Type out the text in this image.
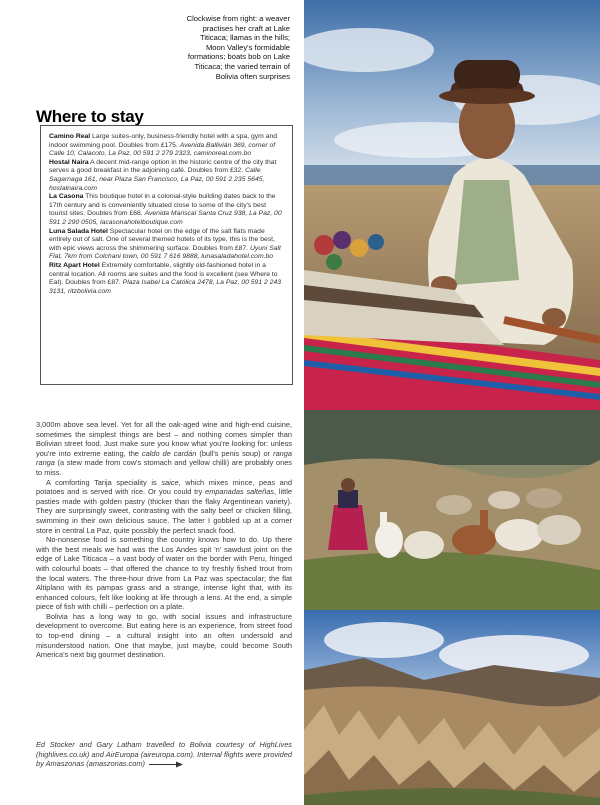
Clockwise from right: a weaver
practises her craft at Lake
Titicaca; llamas in the hills;
Moon Valley's formidable
formations; boats bob on Lake
Titicaca; the varied terrain of
Bolivia often surprises
Where to stay

Camino Real Large suites-only, business-friendly hotel with a spa, gym and indoor swimming pool. Doubles from £175. Avenida Ballivián 369, corner of Calle 10, Calacoto, La Paz, 00 591 2 279 2323, caminoreal.com.bo

Hostal Naira A decent mid-range option in the historic centre of the city that serves a good breakfast in the adjoining café. Doubles from £32. Calle Sagarnaga 161, near Plaza San Francisco, La Paz, 00 591 2 235 5645, hostalnaira.com

La Casona This boutique hotel in a colonial-style building dates back to the 17th century and is conveniently situated close to some of the city's best tourist sites. Doubles from £68. Avenida Mariscal Santa Cruz 938, La Paz, 00 591 2 290 0505, lacasonahotelboutique.com

Luna Salada Hotel Spectacular hotel on the edge of the salt flats made entirely out of salt. One of several themed hotels of its type, this is the best, with epic views across the shimmering surface. Doubles from £87. Uyuni Salt Flat, 7km from Colchani town, 00 591 7 616 9888, lunasaladahotel.com.bo

Ritz Apart Hotel Extremely comfortable, slightly old-fashioned hotel in a central location. All rooms are suites and the food is excellent (see Where to Eat). Doubles from £87. Plaza Isabel La Católica 2478, La Paz, 00 591 2 243 3131, ritzbolivia.com

3,000m above sea level. Yet for all the oak-aged wine and high-end cuisine, sometimes the simplest things are best – and nothing comes simpler than Bolivian street food. Just make sure you know what you're looking for: unless you're into extreme eating, the caldo de cardán (bull's penis soup) or ranga ranga (a stew made from cow's stomach and yellow chilli) are probably ones to miss.

A comforting Tarija speciality is saice, which mixes mince, peas and potatoes and is served with rice. Or you could try empanadas salteñas, little pasties made with golden pastry (thicker than the flaky Argentinean variety). They are surprisingly sweet, contrasting with the salty beef or chicken filling, swimming in their own delicious sauce. The latter I gobbled up at a corner store in central La Paz, quite possibly the perfect snack food.

No-nonsense food is something the country knows how to do. Up there with the best meals we had was the Los Andes spit 'n' sawdust joint on the edge of Lake Titicaca – a vast body of water on the border with Peru, fringed with colourful boats – that offered the chance to try freshly fished trout from the local waters. The three-hour drive from La Paz was spectacular; the flat Altiplano with its pampas grass and a strange, intense light that, with its enhanced colours, felt like looking at life through a lens. At the end, a simple piece of fish with chilli – perfection on a plate.

Bolivia has a long way to go, with social issues and infrastructure development to overcome. But eating here is an experience, from street food to top-end dining – a cultural insight into an often undersold and misunderstood nation. One that maybe, just maybe, could become South America's next big gourmet destination.

Ed Stocker and Gary Latham travelled to Bolivia courtesy of HighLives (highlives.co.uk) and AirEuropa (aireuropa.com). Internal flights were provided by Amaszonas (amaszonas.com)
